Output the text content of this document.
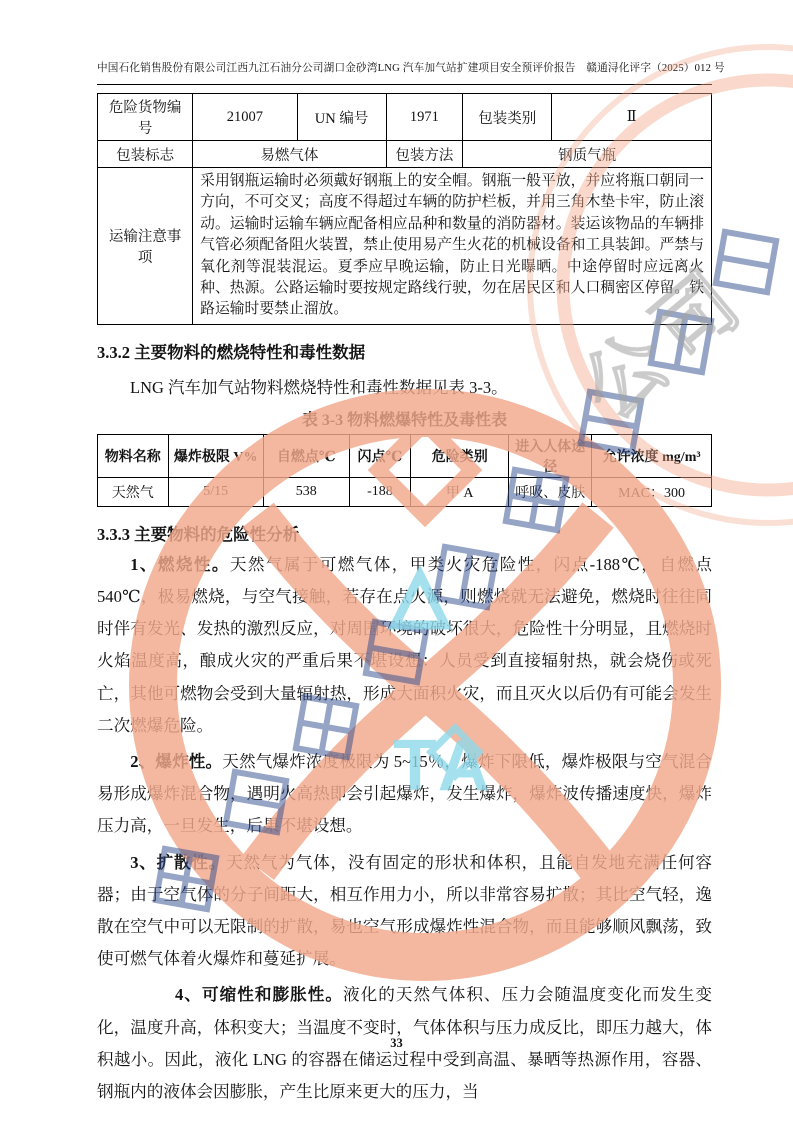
TA
公司
中国石化销售股份有限公司江西九江石油分公司湖口金砂湾LNG 汽车加气站扩建项目安全预评价报告　赣通浔化评字（2025）012 号
危险货物编号	21007	UN 编号	1971	包装类别	Ⅱ
包装标志	易燃气体		包装方法	钢质气瓶	
运输注意事项	采用钢瓶运输时必须戴好钢瓶上的安全帽。钢瓶一般平放，并应将瓶口朝同一方向，不可交叉；高度不得超过车辆的防护栏板，并用三角木垫卡牢，防止滚动。运输时运输车辆应配备相应品种和数量的消防器材。装运该物品的车辆排气管必须配备阻火装置，禁止使用易产生火花的机械设备和工具装卸。严禁与氧化剂等混装混运。夏季应早晚运输，防止日光曝晒。中途停留时应远离火种、热源。公路运输时要按规定路线行驶，勿在居民区和人口稠密区停留。铁路运输时要禁止溜放。				
3.3.2 主要物料的燃烧特性和毒性数据

LNG 汽车加气站物料燃烧特性和毒性数据见表 3-3。

表 3-3 物料燃爆特性及毒性表
物料名称	爆炸极限 V%	自燃点℃	闪点℃	危险类别	进入人体途径	允许浓度 mg/m³
天然气	5/15	538	-188	甲 A	呼吸、皮肤	MAC：300
3.3.3 主要物料的危险性分析

1、燃烧性。天然气属于可燃气体，甲类火灾危险性，闪点-188℃，自燃点 540℃，极易燃烧，与空气接触，若存在点火源，则燃烧就无法避免，燃烧时往往同时伴有发光、发热的激烈反应，对周围环境的破坏很大，危险性十分明显，且燃烧时火焰温度高，酿成火灾的严重后果不堪设想：人员受到直接辐射热，就会烧伤或死亡，其他可燃物会受到大量辐射热，形成大面积火灾，而且灭火以后仍有可能会发生二次燃爆危险。

2、爆炸性。天然气爆炸浓度极限为 5~15％，爆炸下限低，爆炸极限与空气混合易形成爆炸混合物，遇明火高热即会引起爆炸，发生爆炸，爆炸波传播速度快，爆炸压力高，一旦发生，后果不堪设想。

3、扩散性。天然气为气体，没有固定的形状和体积，且能自发地充满任何容器；由于空气体的分子间距大，相互作用力小，所以非常容易扩散；其比空气轻，逸散在空气中可以无限制的扩散，易也空气形成爆炸性混合物，而且能够顺风飘荡，致使可燃气体着火爆炸和蔓延扩展。

4、可缩性和膨胀性。液化的天然气体积、压力会随温度变化而发生变化，温度升高，体积变大；当温度不变时，气体体积与压力成反比，即压力越大，体积越小。因此，液化 LNG 的容器在储运过程中受到高温、暴晒等热源作用，容器、钢瓶内的液体会因膨胀，产生比原来更大的压力，当

33
